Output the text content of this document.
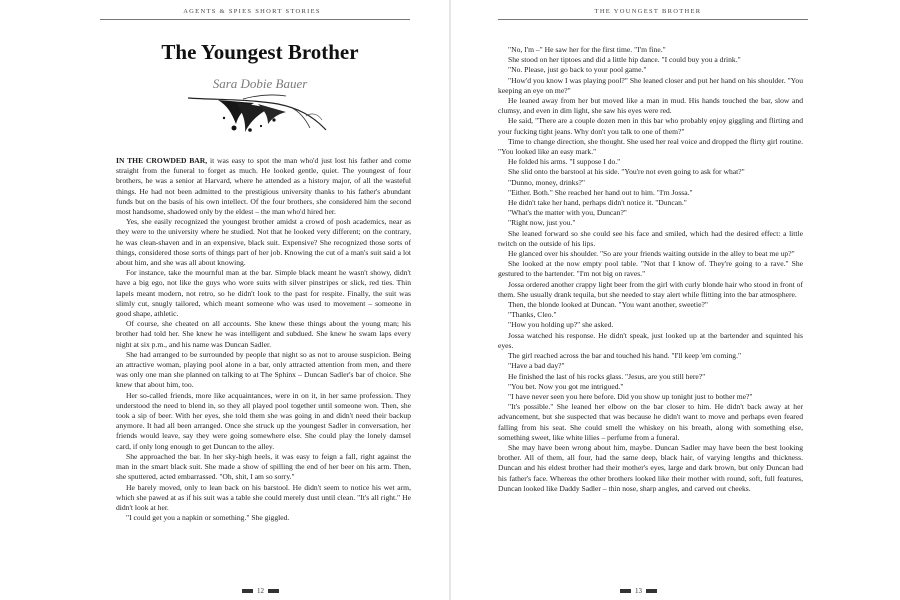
AGENTS & SPIES SHORT STORIES
The Youngest Brother
Sara Dobie Bauer

IN THE CROWDED BAR, it was easy to spot the man who'd just lost his father and come straight from the funeral to forget as much. He looked gentle, quiet. The youngest of four brothers, he was a senior at Harvard, where he attended as a history major, of all the wasteful things. He had not been admitted to the prestigious university thanks to his father's abundant funds but on the basis of his own intellect. Of the four brothers, she considered him the second most handsome, shadowed only by the eldest – the man who'd hired her.

Yes, she easily recognized the youngest brother amidst a crowd of posh academics, near as they were to the university where he studied. Not that he looked very different; on the contrary, he was clean-shaven and in an expensive, black suit. Expensive? She recognized those sorts of things, considered those sorts of things part of her job. Knowing the cut of a man's suit said a lot about him, and she was all about knowing.

For instance, take the mournful man at the bar. Simple black meant he wasn't showy, didn't have a big ego, not like the guys who wore suits with silver pinstripes or slick, red ties. Thin lapels meant modern, not retro, so he didn't look to the past for respite. Finally, the suit was slimly cut, snugly tailored, which meant someone who was used to movement – someone in good shape, athletic.

Of course, she cheated on all accounts. She knew these things about the young man; his brother had told her. She knew he was intelligent and subdued. She knew he swam laps every night at six p.m., and his name was Duncan Sadler.

She had arranged to be surrounded by people that night so as not to arouse suspicion. Being an attractive woman, playing pool alone in a bar, only attracted attention from men, and there was only one man she planned on talking to at The Sphinx – Duncan Sadler's bar of choice. She knew that about him, too.

Her so-called friends, more like acquaintances, were in on it, in her same profession. They understood the need to blend in, so they all played pool together until someone won. Then, she took a sip of beer. With her eyes, she told them she was going in and didn't need their backup anymore. It had all been arranged. Once she struck up the youngest Sadler in conversation, her friends would leave, say they were going somewhere else. She could play the lonely damsel card, if only long enough to get Duncan to the alley.

She approached the bar. In her sky-high heels, it was easy to feign a fall, right against the man in the smart black suit. She made a show of spilling the end of her beer on his arm. Then, she sputtered, acted embarrassed. "Oh, shit, I am so sorry."

He barely moved, only to lean back on his barstool. He didn't seem to notice his wet arm, which she pawed at as if his suit was a table she could merely dust until clean. "It's all right." He didn't look at her.

"I could get you a napkin or something." She giggled.

12
THE YOUNGEST BROTHER

"No, I'm –" He saw her for the first time. "I'm fine."

She stood on her tiptoes and did a little hip dance. "I could buy you a drink."

"No. Please, just go back to your pool game."

"How'd you know I was playing pool?" She leaned closer and put her hand on his shoulder. "You keeping an eye on me?"

He leaned away from her but moved like a man in mud. His hands touched the bar, slow and clumsy, and even in dim light, she saw his eyes were red.

He said, "There are a couple dozen men in this bar who probably enjoy giggling and flirting and your fucking tight jeans. Why don't you talk to one of them?"

Time to change direction, she thought. She used her real voice and dropped the flirty girl routine. "You looked like an easy mark."

He folded his arms. "I suppose I do."

She slid onto the barstool at his side. "You're not even going to ask for what?"

"Dunno, money, drinks?"

"Either. Both." She reached her hand out to him. "I'm Jossa."

He didn't take her hand, perhaps didn't notice it. "Duncan."

"What's the matter with you, Duncan?"

"Right now, just you."

She leaned forward so she could see his face and smiled, which had the desired effect: a little twitch on the outside of his lips.

He glanced over his shoulder. "So are your friends waiting outside in the alley to beat me up?"

She looked at the now empty pool table. "Not that I know of. They're going to a rave." She gestured to the bartender. "I'm not big on raves."

Jossa ordered another crappy light beer from the girl with curly blonde hair who stood in front of them. She usually drank tequila, but she needed to stay alert while flitting into the bar atmosphere.

Then, the blonde looked at Duncan. "You want another, sweetie?"

"Thanks, Cleo."

"How you holding up?" she asked.

Jossa watched his response. He didn't speak, just looked up at the bartender and squinted his eyes.

The girl reached across the bar and touched his hand. "I'll keep 'em coming."

"Have a bad day?"

He finished the last of his rocks glass. "Jesus, are you still here?"

"You bet. Now you got me intrigued."

"I have never seen you here before. Did you show up tonight just to bother me?"

"It's possible." She leaned her elbow on the bar closer to him. He didn't back away at her advancement, but she suspected that was because he didn't want to move and perhaps even feared falling from his seat. She could smell the whiskey on his breath, along with something else, something sweet, like white lilies – perfume from a funeral.

She may have been wrong about him, maybe. Duncan Sadler may have been the best looking brother. All of them, all four, had the same deep, black hair, of varying lengths and thickness. Duncan and his eldest brother had their mother's eyes, large and dark brown, but only Duncan had his father's face. Whereas the other brothers looked like their mother with round, soft, full features, Duncan looked like Daddy Sadler – thin nose, sharp angles, and carved out cheeks.

13
